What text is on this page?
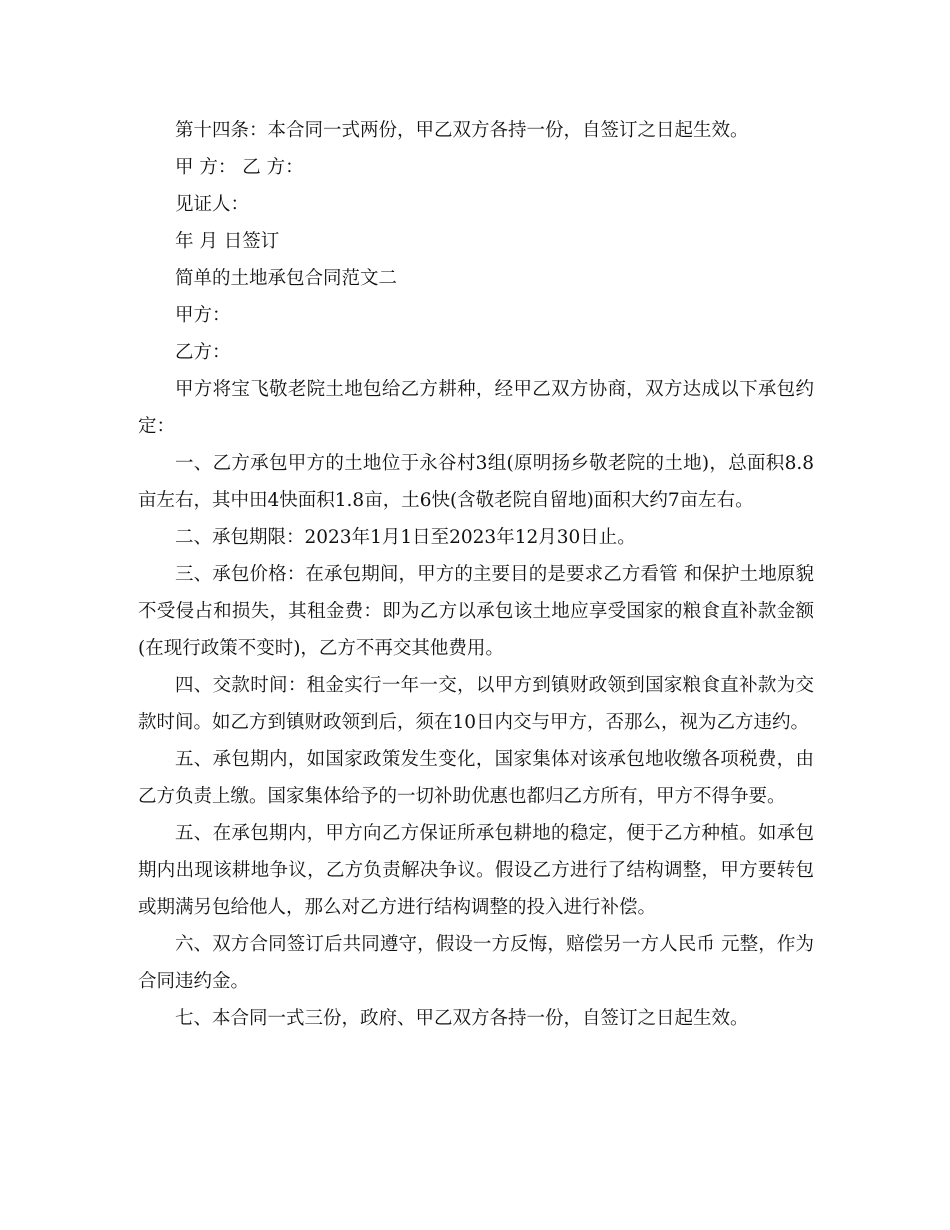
第十四条：本合同一式两份，甲乙双方各持一份，自签订之日起生效。

甲 方： 乙 方：

见证人：

年 月 日签订

简单的土地承包合同范文二

甲方：

乙方：

甲方将宝飞敬老院土地包给乙方耕种，经甲乙双方协商，双方达成以下承包约定：

一、乙方承包甲方的土地位于永谷村3组(原明扬乡敬老院的土地)，总面积8.8亩左右，其中田4快面积1.8亩，土6快(含敬老院自留地)面积大约7亩左右。

二、承包期限：2023年1月1日至2023年12月30日止。

三、承包价格：在承包期间，甲方的主要目的是要求乙方看管 和保护土地原貌不受侵占和损失，其租金费：即为乙方以承包该土地应享受国家的粮食直补款金额(在现行政策不变时)，乙方不再交其他费用。

四、交款时间：租金实行一年一交，以甲方到镇财政领到国家粮食直补款为交款时间。如乙方到镇财政领到后，须在10日内交与甲方，否那么，视为乙方违约。

五、承包期内，如国家政策发生变化，国家集体对该承包地收缴各项税费，由乙方负责上缴。国家集体给予的一切补助优惠也都归乙方所有，甲方不得争要。

五、在承包期内，甲方向乙方保证所承包耕地的稳定，便于乙方种植。如承包期内出现该耕地争议，乙方负责解决争议。假设乙方进行了结构调整，甲方要转包或期满另包给他人，那么对乙方进行结构调整的投入进行补偿。

六、双方合同签订后共同遵守，假设一方反悔，赔偿另一方人民币 元整，作为合同违约金。

七、本合同一式三份，政府、甲乙双方各持一份，自签订之日起生效。
